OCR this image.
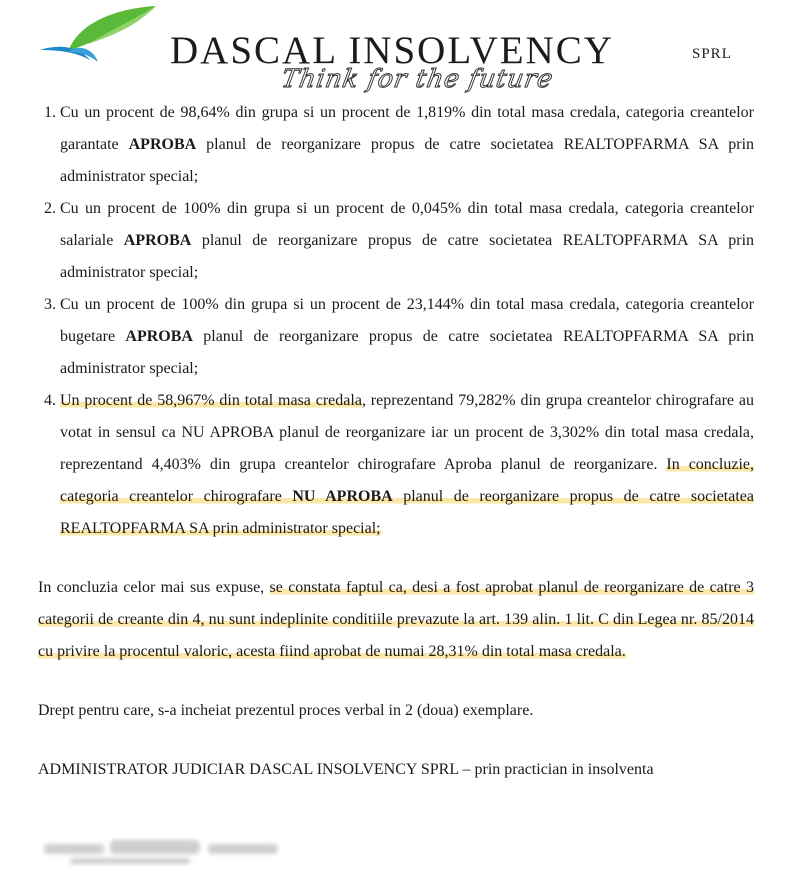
DASCAL INSOLVENCY	SPRL
Think for the future
1. Cu un procent de 98,64% din grupa si un procent de 1,819% din total masa credala, categoria creantelor garantate APROBA planul de reorganizare propus de catre societatea REALTOPFARMA SA prin administrator special;
2. Cu un procent de 100% din grupa si un procent de 0,045% din total masa credala, categoria creantelor salariale APROBA planul de reorganizare propus de catre societatea REALTOPFARMA SA prin administrator special;
3. Cu un procent de 100% din grupa si un procent de 23,144% din total masa credala, categoria creantelor bugetare APROBA planul de reorganizare propus de catre societatea REALTOPFARMA SA prin administrator special;
4. Un procent de 58,967% din total masa credala, reprezentand 79,282% din grupa creantelor chirografare au votat in sensul ca NU APROBA planul de reorganizare iar un procent de 3,302% din total masa credala, reprezentand 4,403% din grupa creantelor chirografare Aproba planul de reorganizare. In concluzie, categoria creantelor chirografare NU APROBA planul de reorganizare propus de catre societatea REALTOPFARMA SA prin administrator special;

In concluzia celor mai sus expuse, se constata faptul ca, desi a fost aprobat planul de reorganizare de catre 3 categorii de creante din 4, nu sunt indeplinite conditiile prevazute la art. 139 alin. 1 lit. C din Legea nr. 85/2014 cu privire la procentul valoric, acesta fiind aprobat de numai 28,31% din total masa credala.

Drept pentru care, s-a incheiat prezentul proces verbal in 2 (doua) exemplare.

ADMINISTRATOR JUDICIAR DASCAL INSOLVENCY SPRL – prin practician in insolventa
